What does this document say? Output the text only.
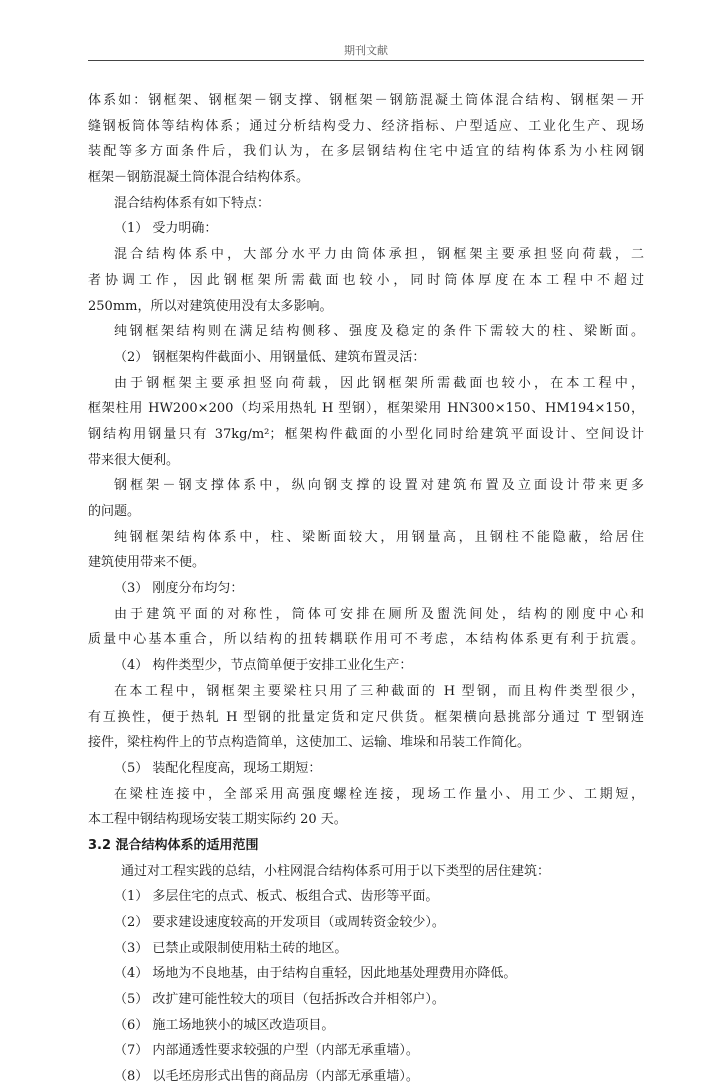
期刊文献
体系如：钢框架、钢框架－钢支撑、钢框架－钢筋混凝土筒体混合结构、钢框架－开
缝钢板筒体等结构体系；通过分析结构受力、经济指标、户型适应、工业化生产、现场
装配等多方面条件后，我们认为，在多层钢结构住宅中适宜的结构体系为小柱网钢
框架－钢筋混凝土筒体混合结构体系。
混合结构体系有如下特点：
（1） 受力明确：
混合结构体系中，大部分水平力由筒体承担，钢框架主要承担竖向荷载，二
者协调工作，因此钢框架所需截面也较小，同时筒体厚度在本工程中不超过
250mm，所以对建筑使用没有太多影响。
纯钢框架结构则在满足结构侧移、强度及稳定的条件下需较大的柱、梁断面。
（2） 钢框架构件截面小、用钢量低、建筑布置灵活：
由于钢框架主要承担竖向荷载，因此钢框架所需截面也较小，在本工程中，
框架柱用 HW200×200（均采用热轧 H 型钢），框架梁用 HN300×150、HM194×150，
钢结构用钢量只有 37kg/m²；框架构件截面的小型化同时给建筑平面设计、空间设计
带来很大便利。
钢框架－钢支撑体系中，纵向钢支撑的设置对建筑布置及立面设计带来更多
的问题。
纯钢框架结构体系中，柱、梁断面较大，用钢量高，且钢柱不能隐蔽，给居住
建筑使用带来不便。
（3） 刚度分布均匀：
由于建筑平面的对称性，筒体可安排在厕所及盥洗间处，结构的刚度中心和
质量中心基本重合，所以结构的扭转耦联作用可不考虑，本结构体系更有利于抗震。
（4） 构件类型少，节点简单便于安排工业化生产：
在本工程中，钢框架主要梁柱只用了三种截面的 H 型钢，而且构件类型很少，
有互换性，便于热轧 H 型钢的批量定货和定尺供货。框架横向悬挑部分通过 T 型钢连
接件，梁柱构件上的节点构造简单，这使加工、运输、堆垛和吊装工作简化。
（5） 装配化程度高，现场工期短：
在梁柱连接中，全部采用高强度螺栓连接，现场工作量小、用工少、工期短，
本工程中钢结构现场安装工期实际约 20 天。
3.2 混合结构体系的适用范围
通过对工程实践的总结，小柱网混合结构体系可用于以下类型的居住建筑：
（1） 多层住宅的点式、板式、板组合式、齿形等平面。
（2） 要求建设速度较高的开发项目（或周转资金较少）。
（3） 已禁止或限制使用粘土砖的地区。
（4） 场地为不良地基，由于结构自重轻，因此地基处理费用亦降低。
（5） 改扩建可能性较大的项目（包括拆改合并相邻户）。
（6） 施工场地狭小的城区改造项目。
（7） 内部通透性要求较强的户型（内部无承重墙）。
（8） 以毛坯房形式出售的商品房（内部无承重墙）。
